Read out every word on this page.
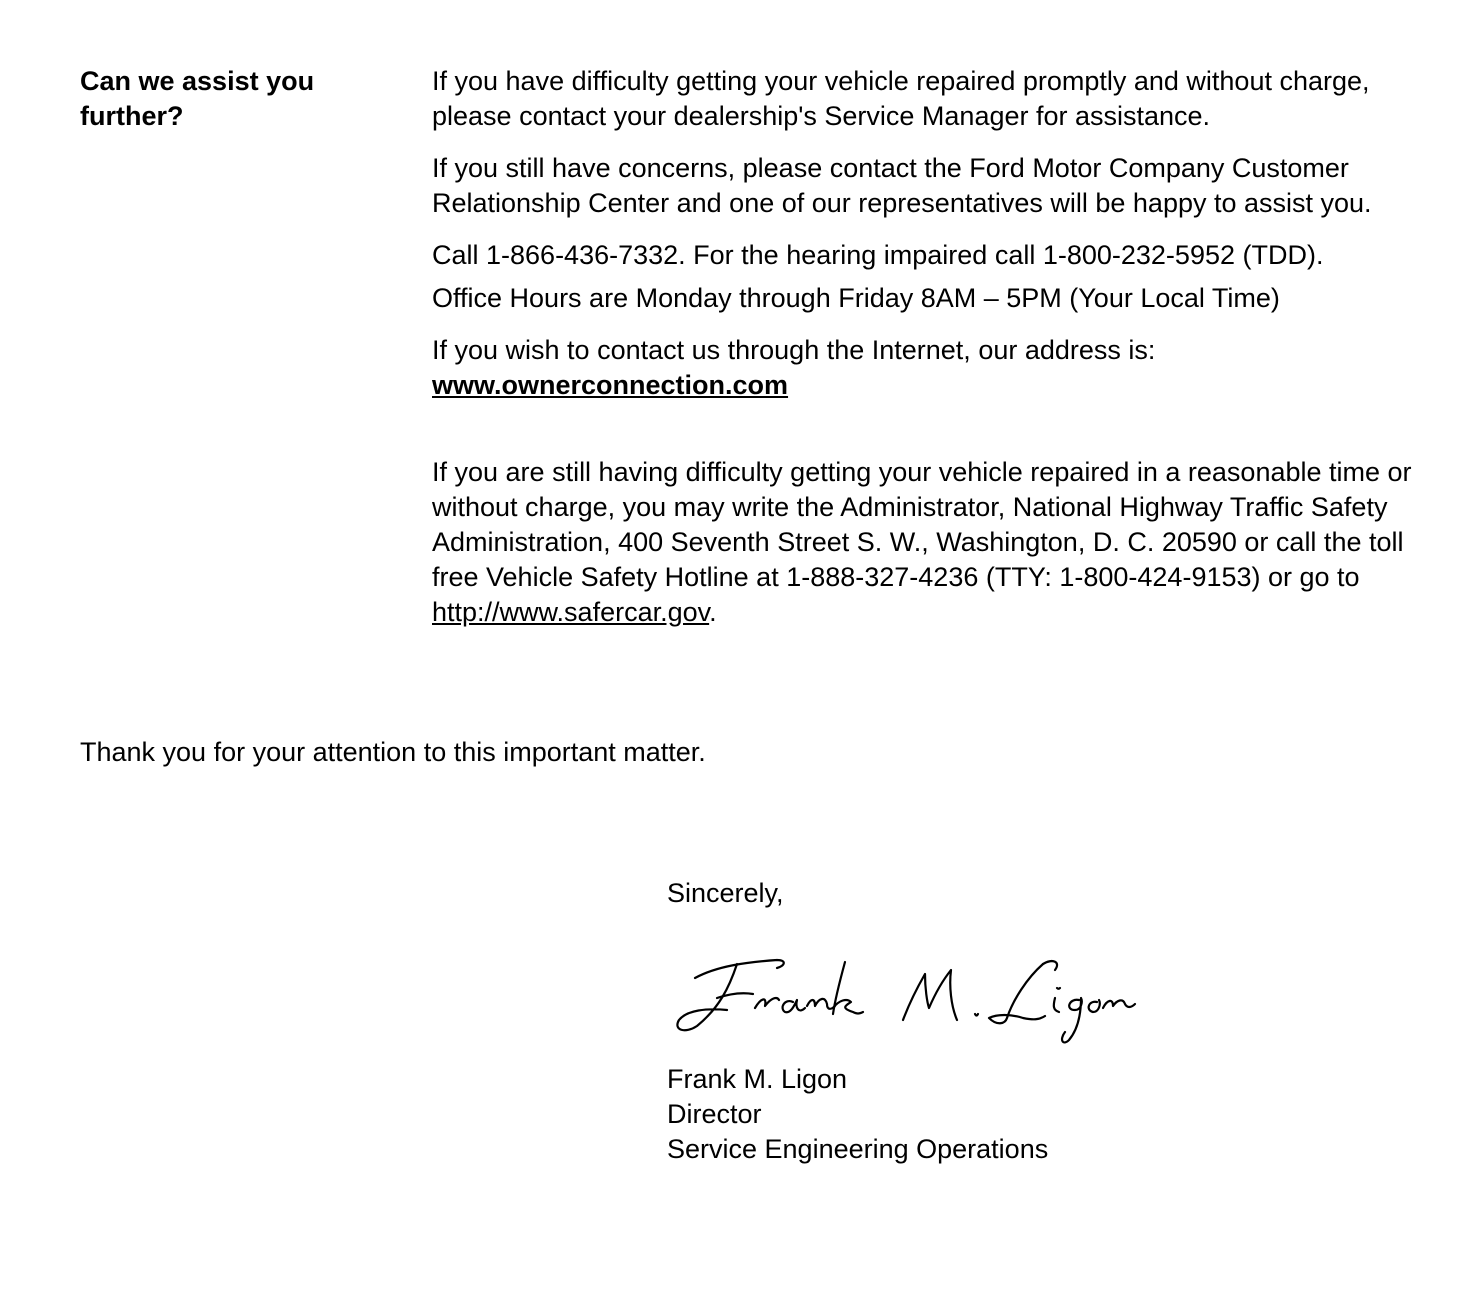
Can we assist you further?

If you have difficulty getting your vehicle repaired promptly and without charge, please contact your dealership's Service Manager for assistance.

If you still have concerns, please contact the Ford Motor Company Customer Relationship Center and one of our representatives will be happy to assist you.

Call 1-866-436-7332. For the hearing impaired call 1-800-232-5952 (TDD).

Office Hours are Monday through Friday 8AM – 5PM (Your Local Time)

If you wish to contact us through the Internet, our address is:
www.ownerconnection.com

If you are still having difficulty getting your vehicle repaired in a reasonable time or without charge, you may write the Administrator, National Highway Traffic Safety Administration, 400 Seventh Street S. W., Washington, D. C. 20590 or call the toll free Vehicle Safety Hotline at 1-888-327-4236 (TTY: 1-800-424-9153) or go to http://www.safercar.gov.

Thank you for your attention to this important matter.

Sincerely,

Frank M. Ligon
Director
Service Engineering Operations
